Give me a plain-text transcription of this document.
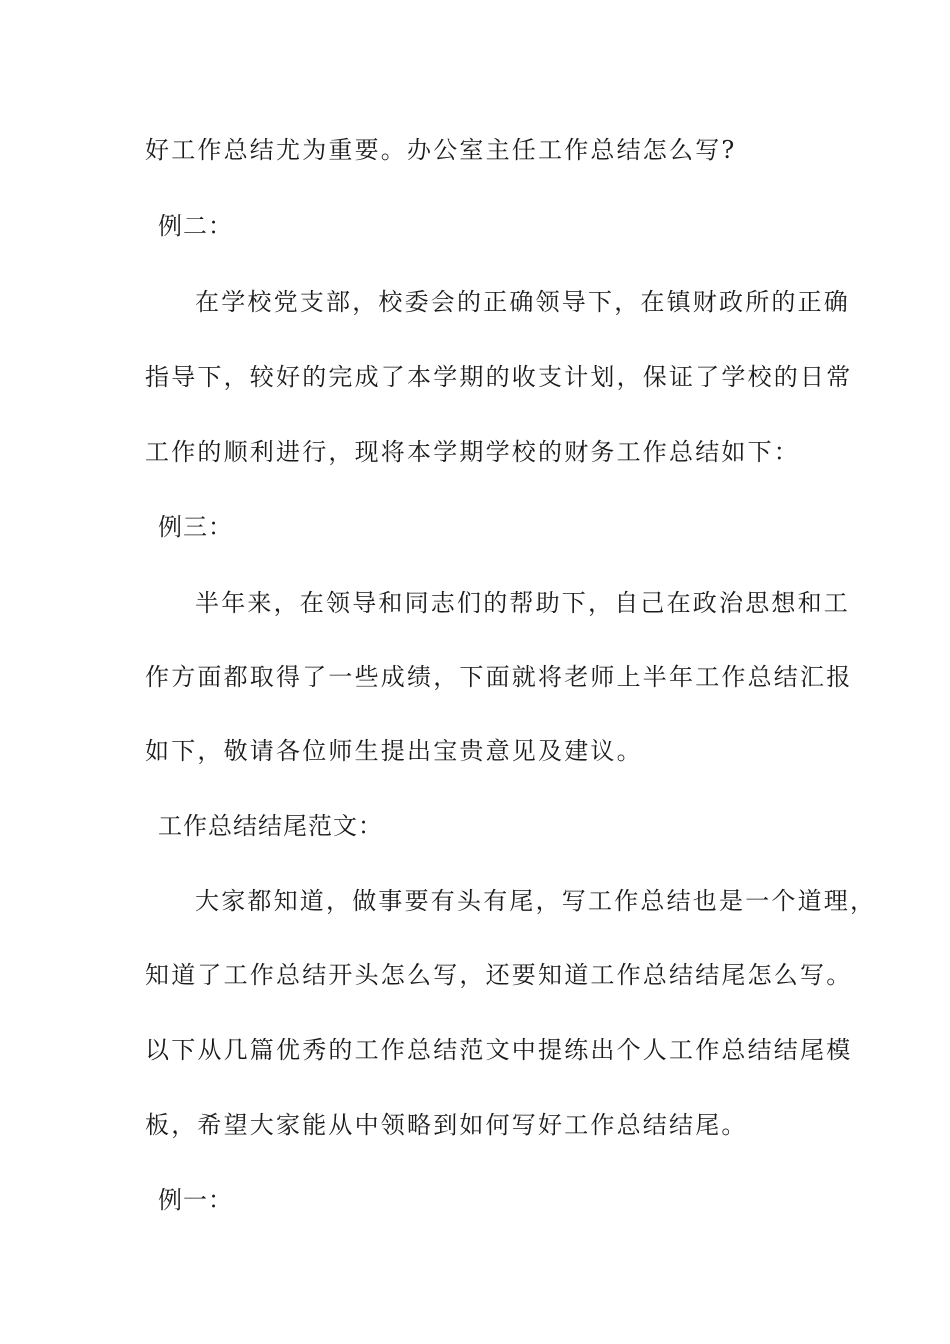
好工作总结尤为重要。办公室主任工作总结怎么写?
例二：
在学校党支部，校委会的正确领导下，在镇财政所的正确
指导下，较好的完成了本学期的收支计划，保证了学校的日常
工作的顺利进行，现将本学期学校的财务工作总结如下：
例三：
半年来，在领导和同志们的帮助下，自己在政治思想和工
作方面都取得了一些成绩，下面就将老师上半年工作总结汇报
如下，敬请各位师生提出宝贵意见及建议。
工作总结结尾范文：
大家都知道，做事要有头有尾，写工作总结也是一个道理，
知道了工作总结开头怎么写，还要知道工作总结结尾怎么写。
以下从几篇优秀的工作总结范文中提练出个人工作总结结尾模
板，希望大家能从中领略到如何写好工作总结结尾。
例一：
